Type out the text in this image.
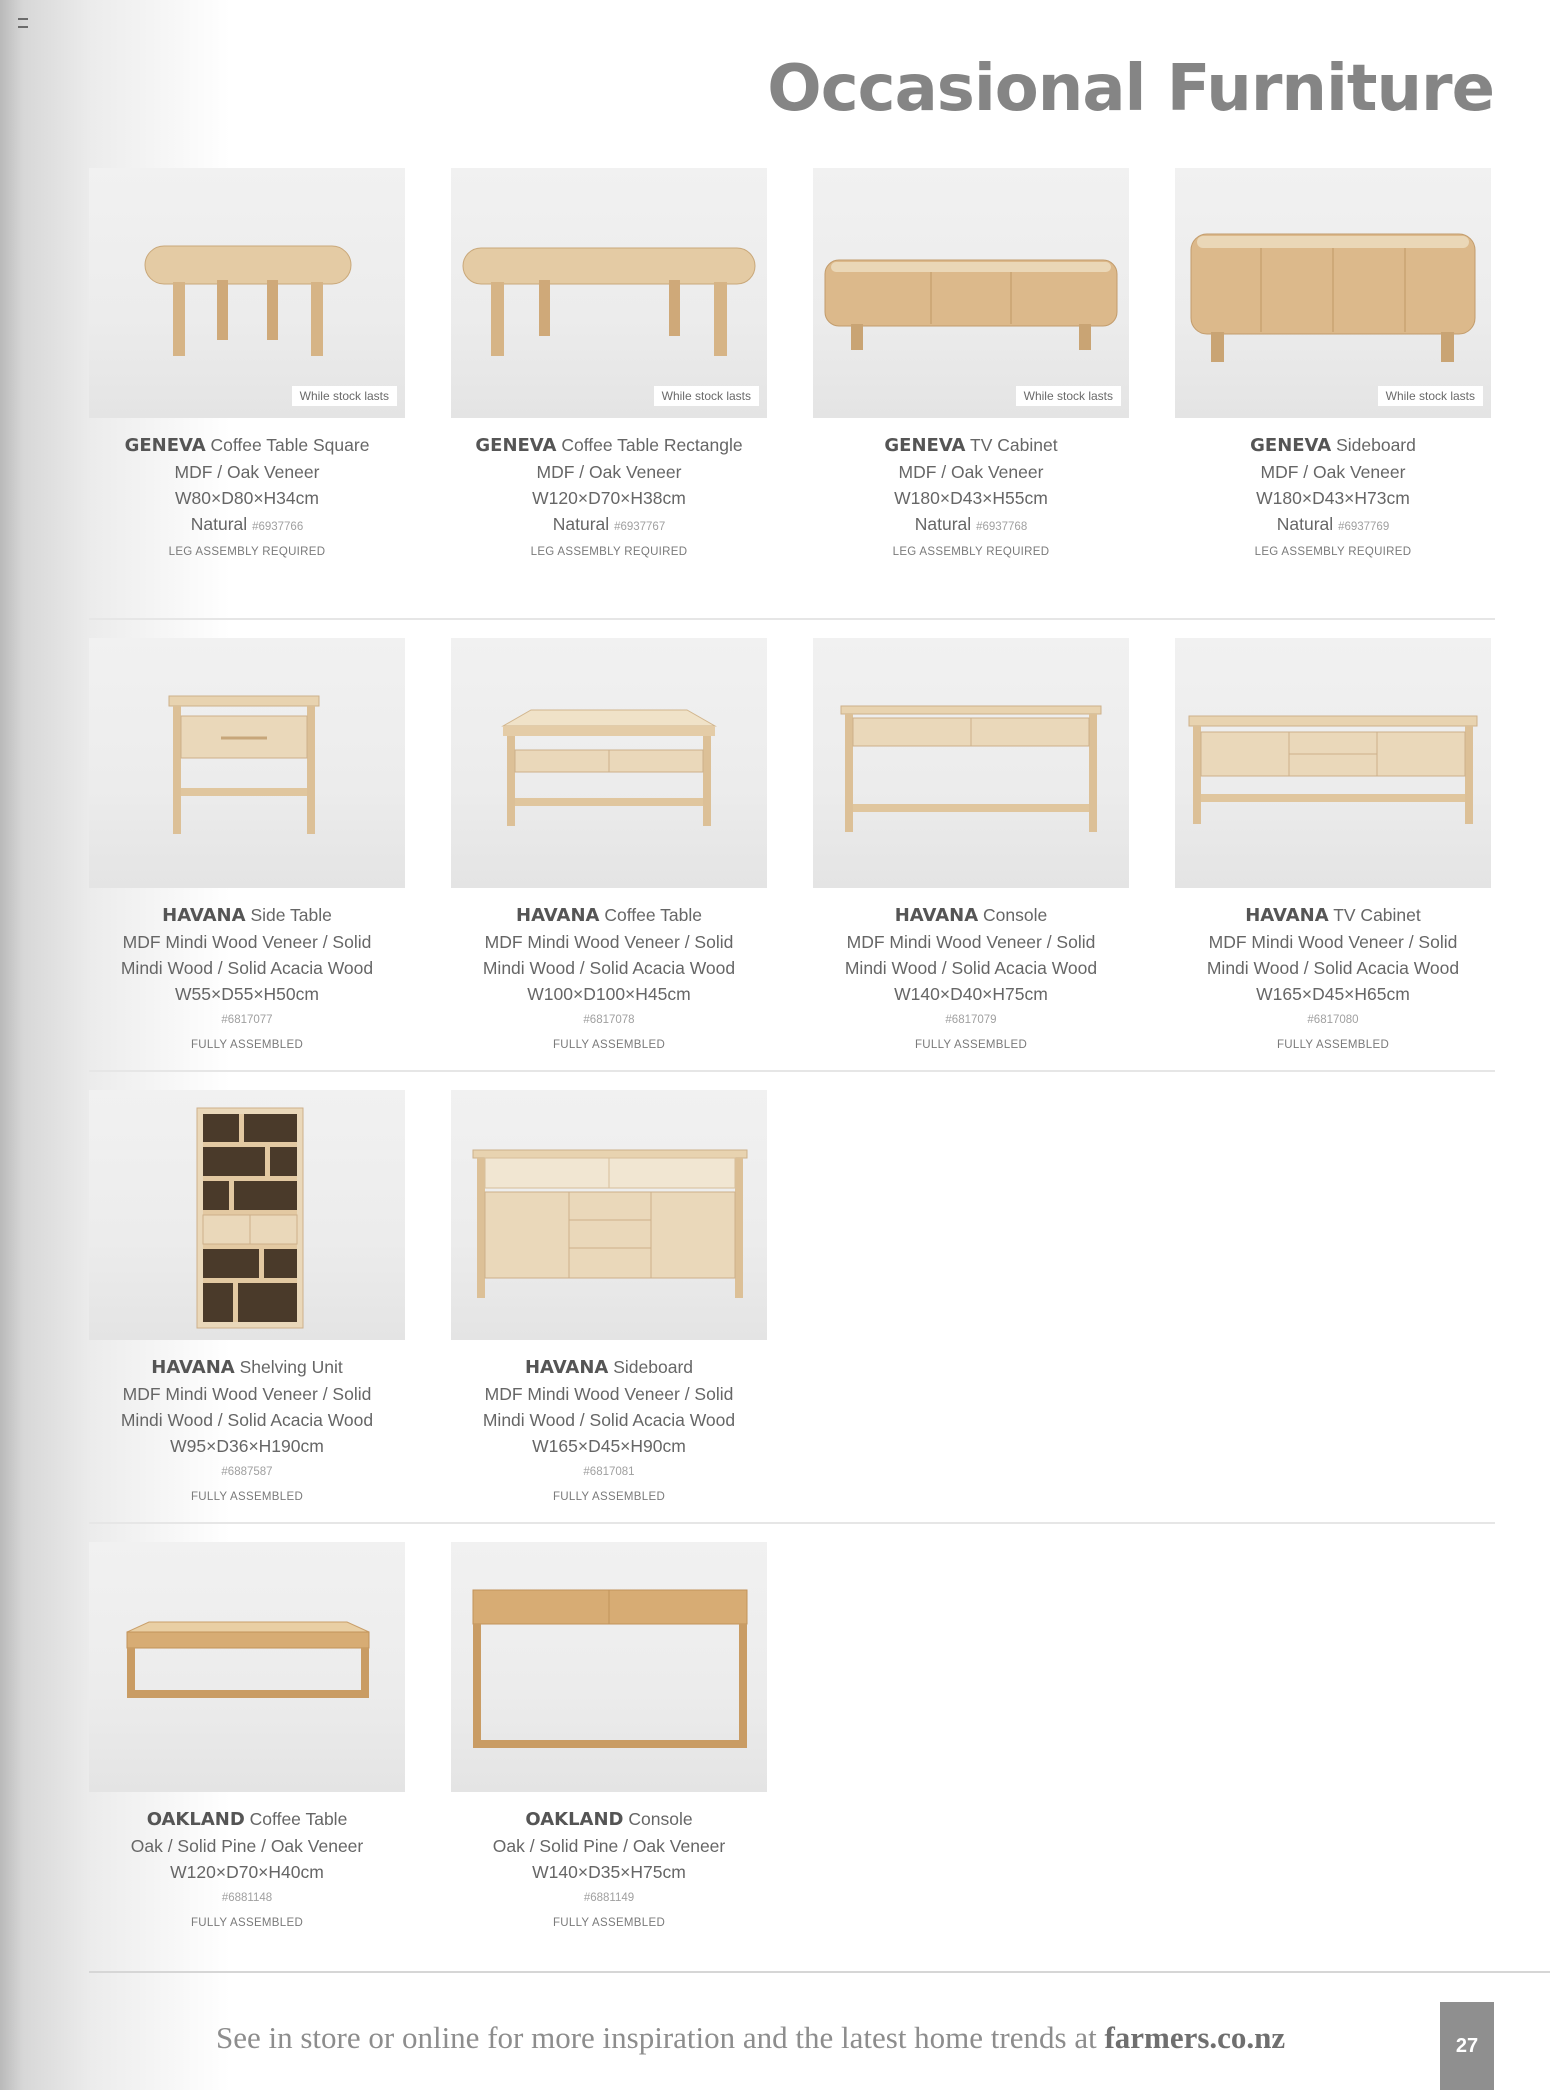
Occasional Furniture
While stock lasts
GENEVA Coffee Table Square
MDF / Oak Veneer
W80×D80×H34cm
Natural #6937766
LEG ASSEMBLY REQUIRED
While stock lasts
GENEVA Coffee Table Rectangle
MDF / Oak Veneer
W120×D70×H38cm
Natural #6937767
LEG ASSEMBLY REQUIRED
While stock lasts
GENEVA TV Cabinet
MDF / Oak Veneer
W180×D43×H55cm
Natural #6937768
LEG ASSEMBLY REQUIRED
While stock lasts
GENEVA Sideboard
MDF / Oak Veneer
W180×D43×H73cm
Natural #6937769
LEG ASSEMBLY REQUIRED
HAVANA Side Table
MDF Mindi Wood Veneer / Solid
Mindi Wood / Solid Acacia Wood
W55×D55×H50cm
#6817077
FULLY ASSEMBLED
HAVANA Coffee Table
MDF Mindi Wood Veneer / Solid
Mindi Wood / Solid Acacia Wood
W100×D100×H45cm
#6817078
FULLY ASSEMBLED
HAVANA Console
MDF Mindi Wood Veneer / Solid
Mindi Wood / Solid Acacia Wood
W140×D40×H75cm
#6817079
FULLY ASSEMBLED
HAVANA TV Cabinet
MDF Mindi Wood Veneer / Solid
Mindi Wood / Solid Acacia Wood
W165×D45×H65cm
#6817080
FULLY ASSEMBLED
HAVANA Shelving Unit
MDF Mindi Wood Veneer / Solid
Mindi Wood / Solid Acacia Wood
W95×D36×H190cm
#6887587
FULLY ASSEMBLED
HAVANA Sideboard
MDF Mindi Wood Veneer / Solid
Mindi Wood / Solid Acacia Wood
W165×D45×H90cm
#6817081
FULLY ASSEMBLED
OAKLAND Coffee Table
Oak / Solid Pine / Oak Veneer
W120×D70×H40cm
#6881148
FULLY ASSEMBLED
OAKLAND Console
Oak / Solid Pine / Oak Veneer
W140×D35×H75cm
#6881149
FULLY ASSEMBLED
See in store or online for more inspiration and the latest home trends at farmers.co.nz	27
